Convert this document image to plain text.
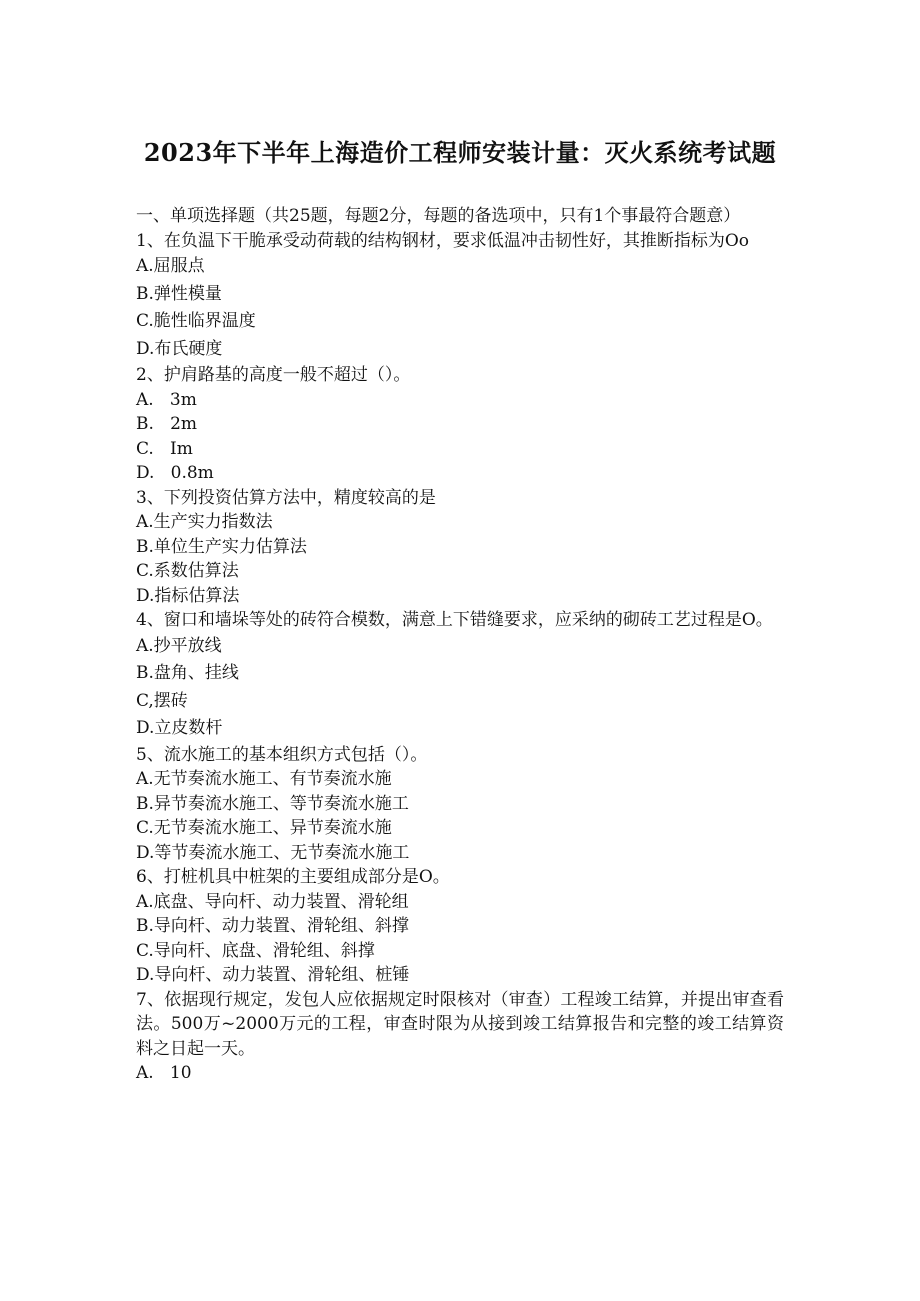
2023年下半年上海造价工程师安装计量：灭火系统考试题

一、单项选择题（共25题，每题2分，每题的备选项中，只有1个事最符合题意）

1、在负温下干脆承受动荷载的结构钢材，要求低温冲击韧性好，其推断指标为Oo

A.屈服点

B.弹性模量

C.脆性临界温度

D.布氏硬度

2、护肩路基的高度一般不超过（）。

A.   3m

B.   2m

C.   Im

D.   0.8m

3、下列投资估算方法中，精度较高的是

A.生产实力指数法

B.单位生产实力估算法

C.系数估算法

D.指标估算法

4、窗口和墙垛等处的砖符合模数，满意上下错缝要求，应采纳的砌砖工艺过程是O。

A.抄平放线

B.盘角、挂线

C,摆砖

D.立皮数杆

5、流水施工的基本组织方式包括（）。

A.无节奏流水施工、有节奏流水施

B.异节奏流水施工、等节奏流水施工

C.无节奏流水施工、异节奏流水施

D.等节奏流水施工、无节奏流水施工

6、打桩机具中桩架的主要组成部分是O。

A.底盘、导向杆、动力装置、滑轮组

B.导向杆、动力装置、滑轮组、斜撑

C.导向杆、底盘、滑轮组、斜撑

D.导向杆、动力装置、滑轮组、桩锤

7、依据现行规定，发包人应依据规定时限核对（审查）工程竣工结算，并提出审查看法。500万~2000万元的工程，审查时限为从接到竣工结算报告和完整的竣工结算资料之日起一天。

A.   10
